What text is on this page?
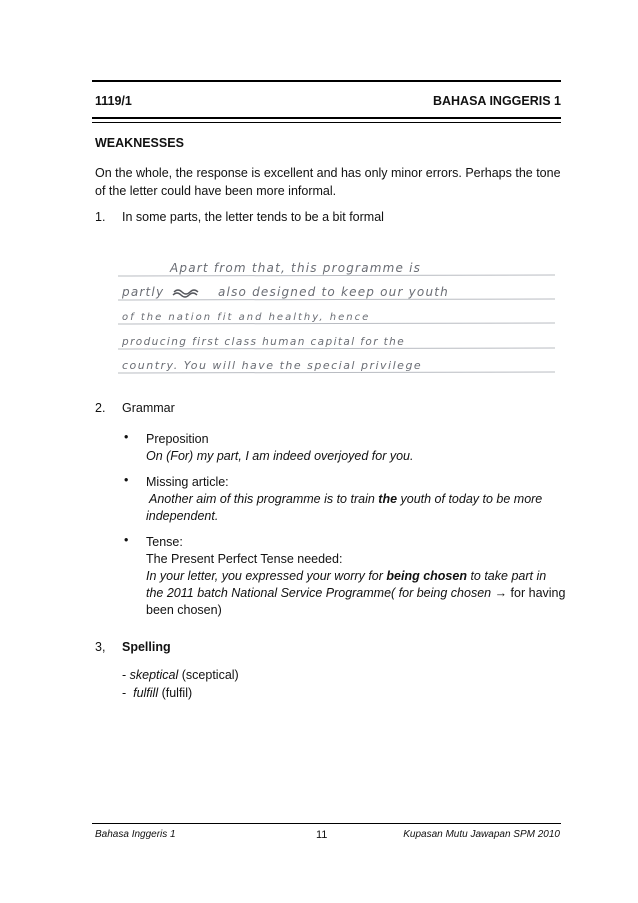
1119/1	BAHASA INGGERIS 1
WEAKNESSES
On the whole, the response is excellent and has only minor errors. Perhaps the tone of the letter could have been more informal.
1. In some parts, the letter tends to be a bit formal
Apart from that, this programme is
partly	also designed to keep our youth
of the nation fit and healthy, hence
producing first class human capital for the
country. You will have the special privilege
2. Grammar
• Preposition
On (For) my part, I am indeed overjoyed for you.
• Missing article:
Another aim of this programme is to train the youth of today to be more independent.
• Tense:
The Present Perfect Tense needed:
In your letter, you expressed your worry for being chosen to take part in the 2011 batch National Service Programme( for being chosen → for having been chosen)
3, Spelling
- skeptical (sceptical)
-  fulfill (fulfil)
Bahasa Inggeris 1	11	Kupasan Mutu Jawapan SPM 2010
